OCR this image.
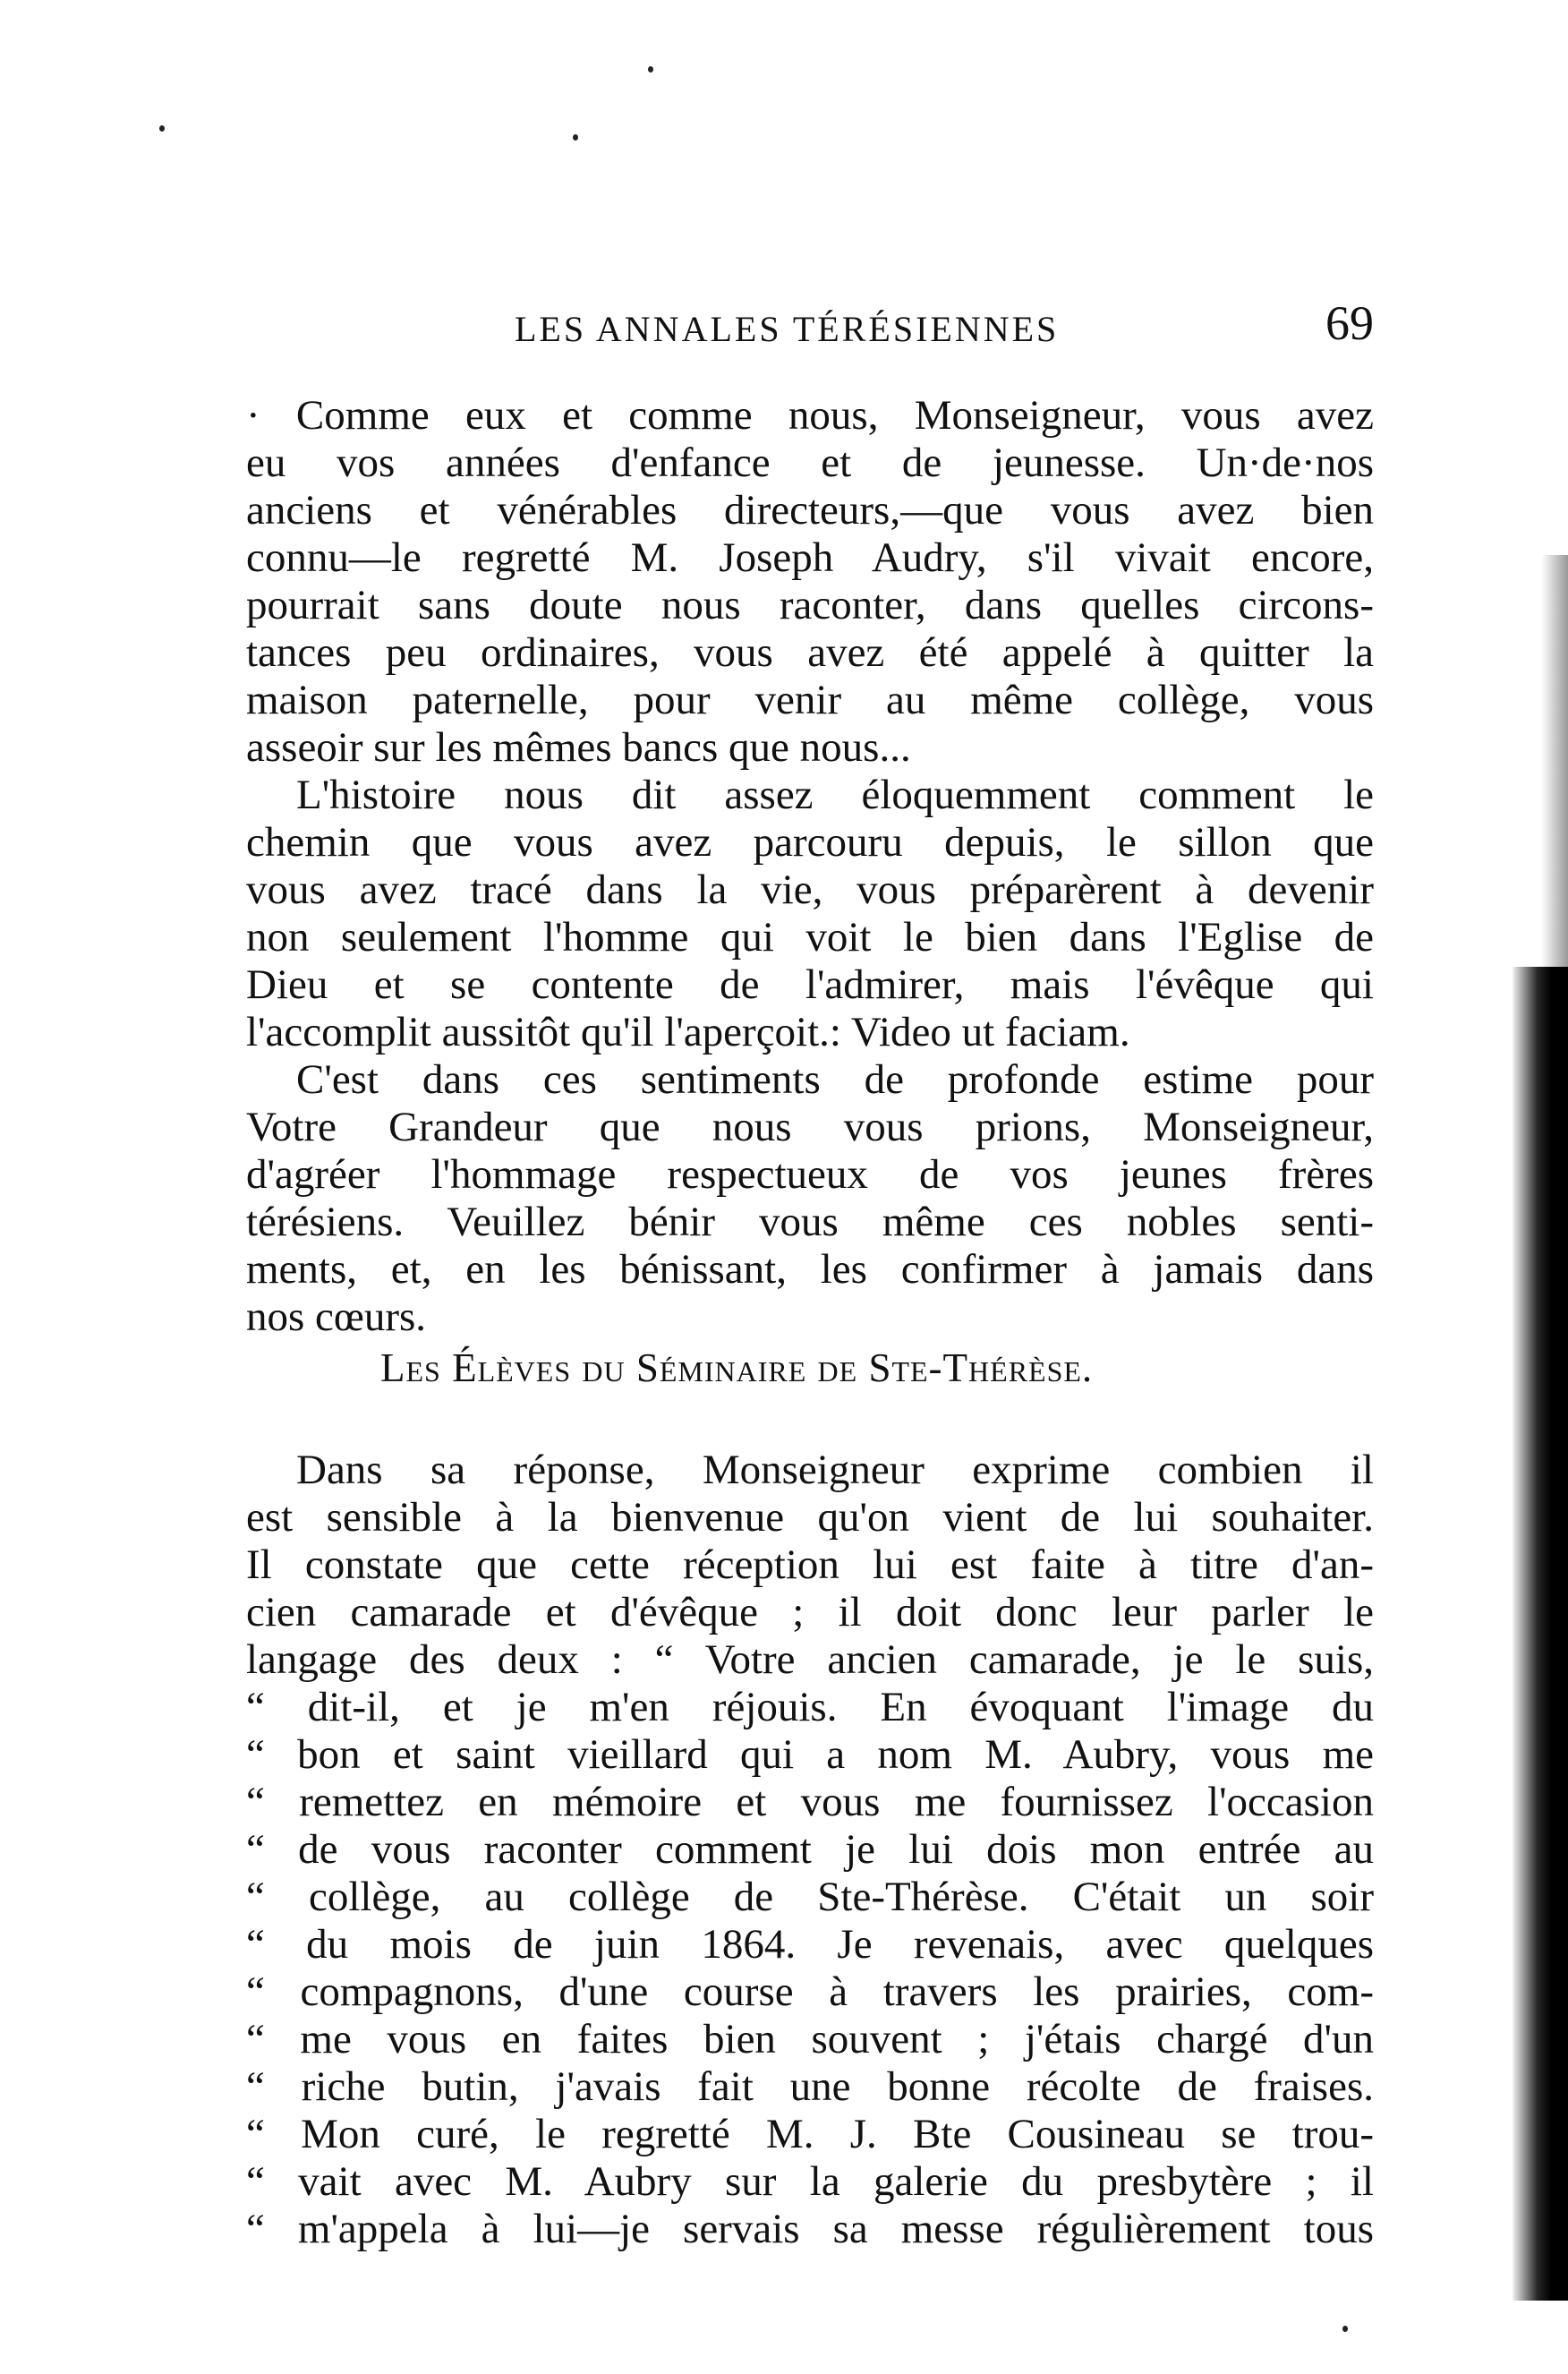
LES ANNALES TÉRÉSIENNES	69
· Comme eux et comme nous, Monseigneur, vous avez
eu vos années d'enfance et de jeunesse. Un·de·nos
anciens et vénérables directeurs,—que vous avez bien
connu—le regretté M. Joseph Audry, s'il vivait encore,
pourrait sans doute nous raconter, dans quelles circons-
tances peu ordinaires, vous avez été appelé à quitter la
maison paternelle, pour venir au même collège, vous
asseoir sur les mêmes bancs que nous...
L'histoire nous dit assez éloquemment comment le
chemin que vous avez parcouru depuis, le sillon que
vous avez tracé dans la vie, vous préparèrent à devenir
non seulement l'homme qui voit le bien dans l'Eglise de
Dieu et se contente de l'admirer, mais l'évêque qui
l'accomplit aussitôt qu'il l'aperçoit.: Video ut faciam.
C'est dans ces sentiments de profonde estime pour
Votre Grandeur que nous vous prions, Monseigneur,
d'agréer l'hommage respectueux de vos jeunes frères
térésiens. Veuillez bénir vous même ces nobles senti-
ments, et, en les bénissant, les confirmer à jamais dans
nos cœurs.
Les Élèves du Séminaire de Ste-Thérèse.
Dans sa réponse, Monseigneur exprime combien il
est sensible à la bienvenue qu'on vient de lui souhaiter.
Il constate que cette réception lui est faite à titre d'an-
cien camarade et d'évêque ; il doit donc leur parler le
langage des deux : “ Votre ancien camarade, je le suis,
“ dit-il, et je m'en réjouis. En évoquant l'image du
“ bon et saint vieillard qui a nom M. Aubry, vous me
“ remettez en mémoire et vous me fournissez l'occasion
“ de vous raconter comment je lui dois mon entrée au
“ collège, au collège de Ste-Thérèse. C'était un soir
“ du mois de juin 1864. Je revenais, avec quelques
“ compagnons, d'une course à travers les prairies, com-
“ me vous en faites bien souvent ; j'étais chargé d'un
“ riche butin, j'avais fait une bonne récolte de fraises.
“ Mon curé, le regretté M. J. Bte Cousineau se trou-
“ vait avec M. Aubry sur la galerie du presbytère ; il
“ m'appela à lui—je servais sa messe régulièrement tous
